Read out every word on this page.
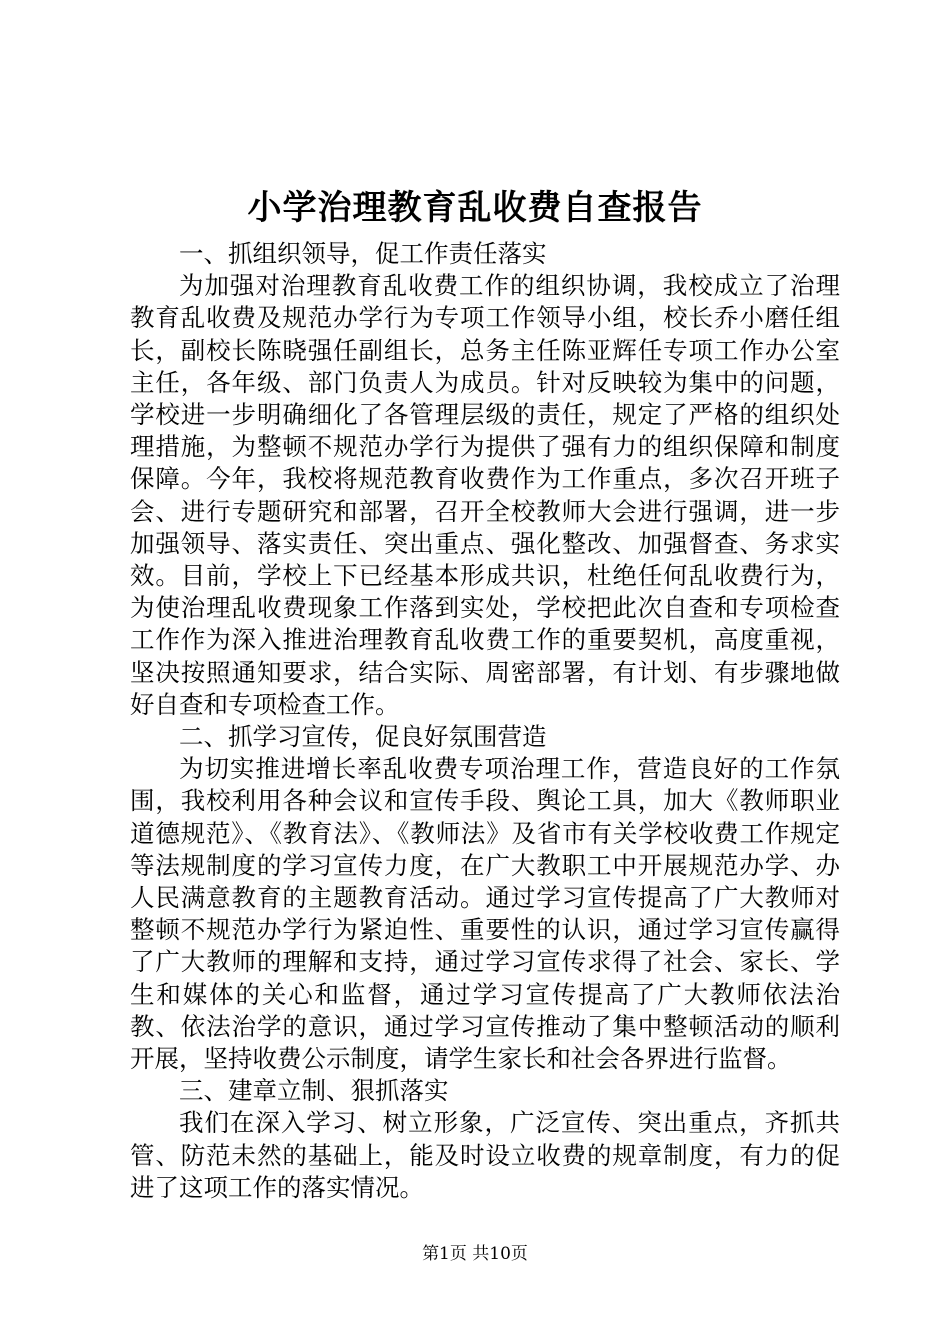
小学治理教育乱收费自查报告

一、抓组织领导，促工作责任落实

为加强对治理教育乱收费工作的组织协调，我校成立了治理教育乱收费及规范办学行为专项工作领导小组，校长乔小磨任组长，副校长陈晓强任副组长，总务主任陈亚辉任专项工作办公室主任，各年级、部门负责人为成员。针对反映较为集中的问题，学校进一步明确细化了各管理层级的责任，规定了严格的组织处理措施，为整顿不规范办学行为提供了强有力的组织保障和制度保障。今年，我校将规范教育收费作为工作重点，多次召开班子会、进行专题研究和部署，召开全校教师大会进行强调，进一步加强领导、落实责任、突出重点、强化整改、加强督查、务求实效。目前，学校上下已经基本形成共识，杜绝任何乱收费行为，为使治理乱收费现象工作落到实处，学校把此次自查和专项检查工作作为深入推进治理教育乱收费工作的重要契机，高度重视，坚决按照通知要求，结合实际、周密部署，有计划、有步骤地做好自查和专项检查工作。

二、抓学习宣传，促良好氛围营造

为切实推进增长率乱收费专项治理工作，营造良好的工作氛围，我校利用各种会议和宣传手段、舆论工具，加大《教师职业道德规范》、《教育法》、《教师法》及省市有关学校收费工作规定等法规制度的学习宣传力度，在广大教职工中开展规范办学、办人民满意教育的主题教育活动。通过学习宣传提高了广大教师对整顿不规范办学行为紧迫性、重要性的认识，通过学习宣传赢得了广大教师的理解和支持，通过学习宣传求得了社会、家长、学生和媒体的关心和监督，通过学习宣传提高了广大教师依法治教、依法治学的意识，通过学习宣传推动了集中整顿活动的顺利开展，坚持收费公示制度，请学生家长和社会各界进行监督。

三、建章立制、狠抓落实

我们在深入学习、树立形象，广泛宣传、突出重点，齐抓共管、防范未然的基础上，能及时设立收费的规章制度，有力的促进了这项工作的落实情况。

第1页 共10页
